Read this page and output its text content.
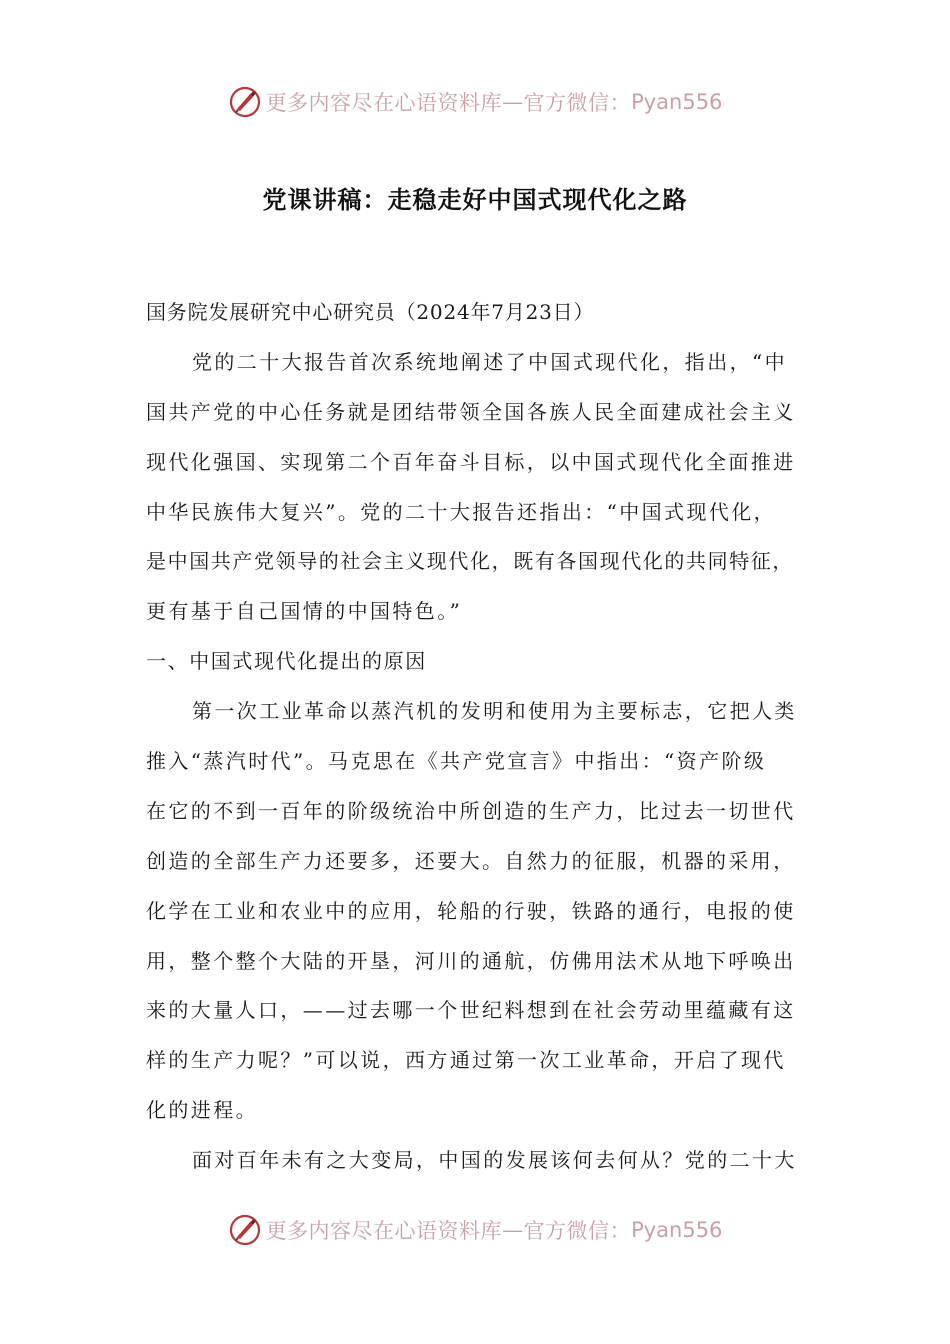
更多内容尽在心语资料库 — 官方微信： Pyan556
党课讲稿：走稳走好中国式现代化之路
国务院发展研究中心研究员（2024年7月23日）
党的二十大报告首次系统地阐述了中国式现代化，指出，“中
国共产党的中心任务就是团结带领全国各族人民全面建成社会主义
现代化强国、实现第二个百年奋斗目标，以中国式现代化全面推进
中华民族伟大复兴”。党的二十大报告还指出：“中国式现代化，
是中国共产党领导的社会主义现代化，既有各国现代化的共同特征，
更有基于自己国情的中国特色。”
一、中国式现代化提出的原因
第一次工业革命以蒸汽机的发明和使用为主要标志，它把人类
推入“蒸汽时代”。马克思在《共产党宣言》中指出：“资产阶级
在它的不到一百年的阶级统治中所创造的生产力，比过去一切世代
创造的全部生产力还要多，还要大。自然力的征服，机器的采用，
化学在工业和农业中的应用，轮船的行驶，铁路的通行，电报的使
用，整个整个大陆的开垦，河川的通航，仿佛用法术从地下呼唤出
来的大量人口，——过去哪一个世纪料想到在社会劳动里蕴藏有这
样的生产力呢？”可以说，西方通过第一次工业革命，开启了现代
化的进程。
面对百年未有之大变局，中国的发展该何去何从？党的二十大
更多内容尽在心语资料库 — 官方微信： Pyan556
